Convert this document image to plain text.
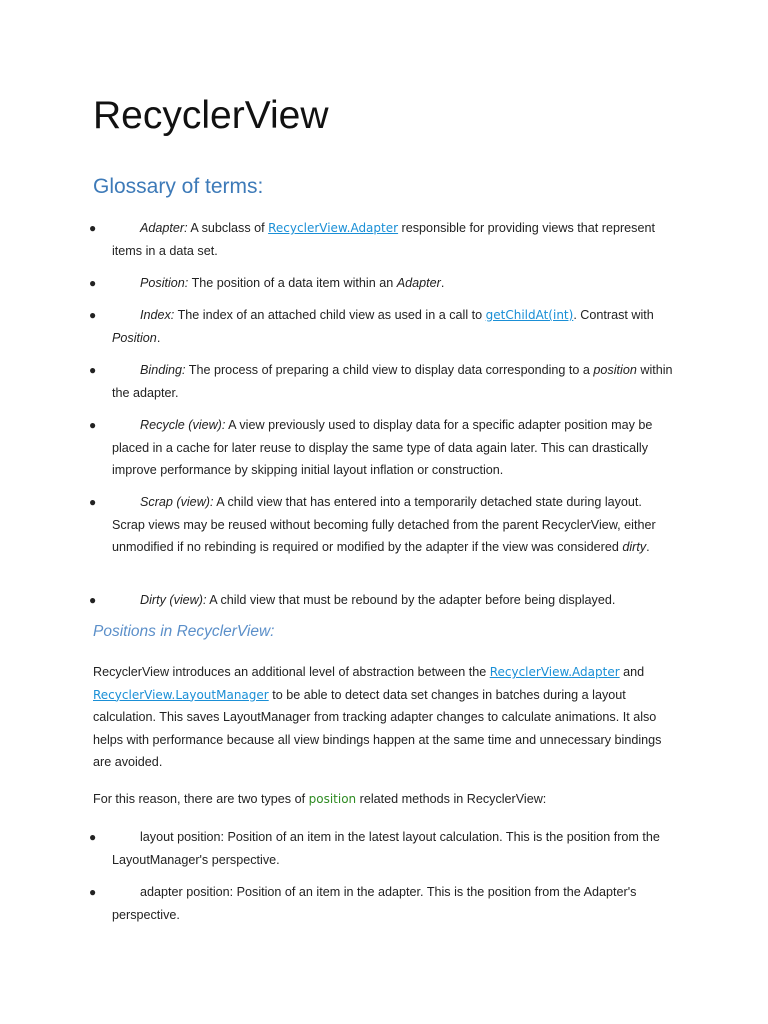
RecyclerView
Glossary of terms:
●	Adapter: A subclass of RecyclerView.Adapter responsible for providing views that represent items in a data set.
●	Position: The position of a data item within an Adapter.
●	Index: The index of an attached child view as used in a call to getChildAt(int). Contrast with Position.
●	Binding: The process of preparing a child view to display data corresponding to a position within the adapter.
●	Recycle (view): A view previously used to display data for a specific adapter position may be placed in a cache for later reuse to display the same type of data again later. This can drastically improve performance by skipping initial layout inflation or construction.
●	Scrap (view): A child view that has entered into a temporarily detached state during layout. Scrap views may be reused without becoming fully detached from the parent RecyclerView, either unmodified if no rebinding is required or modified by the adapter if the view was considered dirty.
●	Dirty (view): A child view that must be rebound by the adapter before being displayed.
Positions in RecyclerView:

RecyclerView introduces an additional level of abstraction between the RecyclerView.Adapter and RecyclerView.LayoutManager to be able to detect data set changes in batches during a layout calculation. This saves LayoutManager from tracking adapter changes to calculate animations. It also helps with performance because all view bindings happen at the same time and unnecessary bindings are avoided.

For this reason, there are two types of position related methods in RecyclerView:

●	layout position: Position of an item in the latest layout calculation. This is the position from the LayoutManager's perspective.
●	adapter position: Position of an item in the adapter. This is the position from the Adapter's perspective.
